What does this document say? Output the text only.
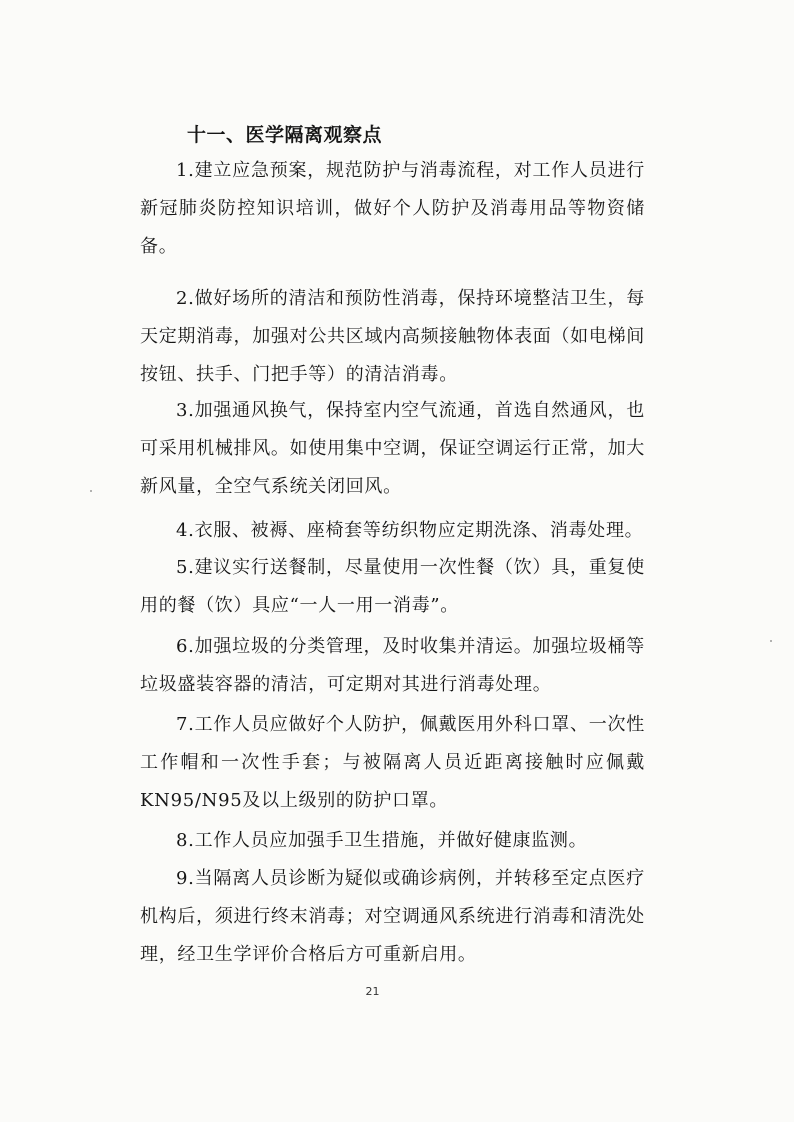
十一、医学隔离观察点

1.建立应急预案，规范防护与消毒流程，对工作人员进行新冠肺炎防控知识培训，做好个人防护及消毒用品等物资储备。

2.做好场所的清洁和预防性消毒，保持环境整洁卫生，每天定期消毒，加强对公共区域内高频接触物体表面（如电梯间按钮、扶手、门把手等）的清洁消毒。

3.加强通风换气，保持室内空气流通，首选自然通风，也可采用机械排风。如使用集中空调，保证空调运行正常，加大新风量，全空气系统关闭回风。

4.衣服、被褥、座椅套等纺织物应定期洗涤、消毒处理。

5.建议实行送餐制，尽量使用一次性餐（饮）具，重复使用的餐（饮）具应“一人一用一消毒”。

6.加强垃圾的分类管理，及时收集并清运。加强垃圾桶等垃圾盛装容器的清洁，可定期对其进行消毒处理。

7.工作人员应做好个人防护，佩戴医用外科口罩、一次性工作帽和一次性手套；与被隔离人员近距离接触时应佩戴KN95/N95及以上级别的防护口罩。

8.工作人员应加强手卫生措施，并做好健康监测。

9.当隔离人员诊断为疑似或确诊病例，并转移至定点医疗机构后，须进行终末消毒；对空调通风系统进行消毒和清洗处理，经卫生学评价合格后方可重新启用。

21
